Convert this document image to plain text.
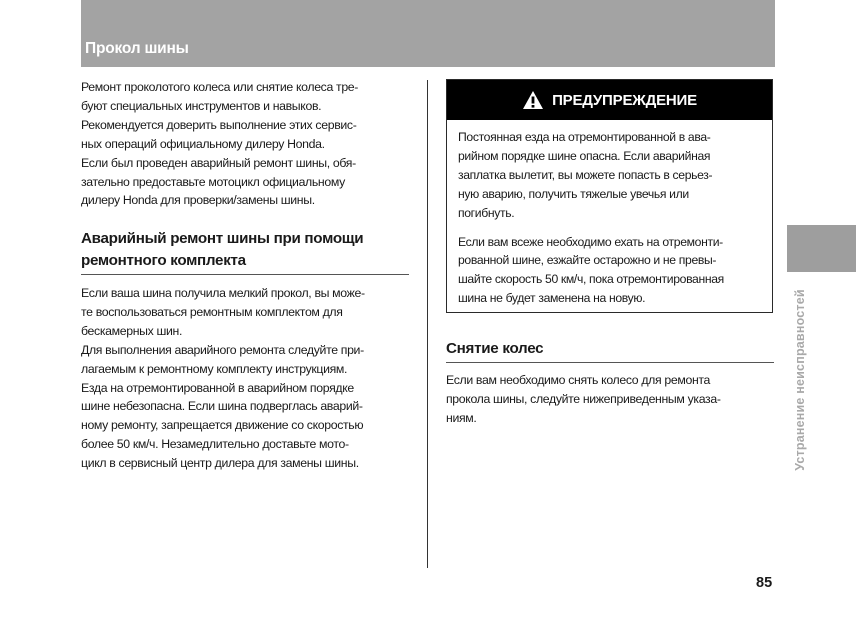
Прокол шины

Ремонт проколотого колеса или снятие колеса тре-
буют специальных инструментов и навыков.
Рекомендуется доверить выполнение этих сервис-
ных операций официальному дилеру Honda.
Если был проведен аварийный ремонт шины, обя-
зательно предоставьте мотоцикл официальному
дилеру Honda для проверки/замены шины.

Аварийный ремонт шины при помощи
ремонтного комплекта

Если ваша шина получила мелкий прокол, вы може-
те воспользоваться ремонтным комплектом для
бескамерных шин.
Для выполнения аварийного ремонта следуйте при-
лагаемым к ремонтному комплекту инструкциям.
Езда на отремонтированной в аварийном порядке
шине небезопасна. Если шина подверглась аварий-
ному ремонту, запрещается движение со скоростью
более 50 км/ч. Незамедлительно доставьте мото-
цикл в сервисный центр дилера для замены шины.

ПРЕДУПРЕЖДЕНИЕ

Постоянная езда на отремонтированной в ава-
рийном порядке шине опасна. Если аварийная
заплатка вылетит, вы можете попасть в серьез-
ную аварию, получить тяжелые увечья или
погибнуть.

Если вам всеже необходимо ехать на отремонти-
рованной шине, езжайте остарожно и не превы-
шайте скорость 50 км/ч, пока отремонтированная
шина не будет заменена на новую.

Снятие колес

Если вам необходимо снять колесо для ремонта
прокола шины, следуйте нижеприведенным указа-
ниям.	Устранение неисправностей
85
